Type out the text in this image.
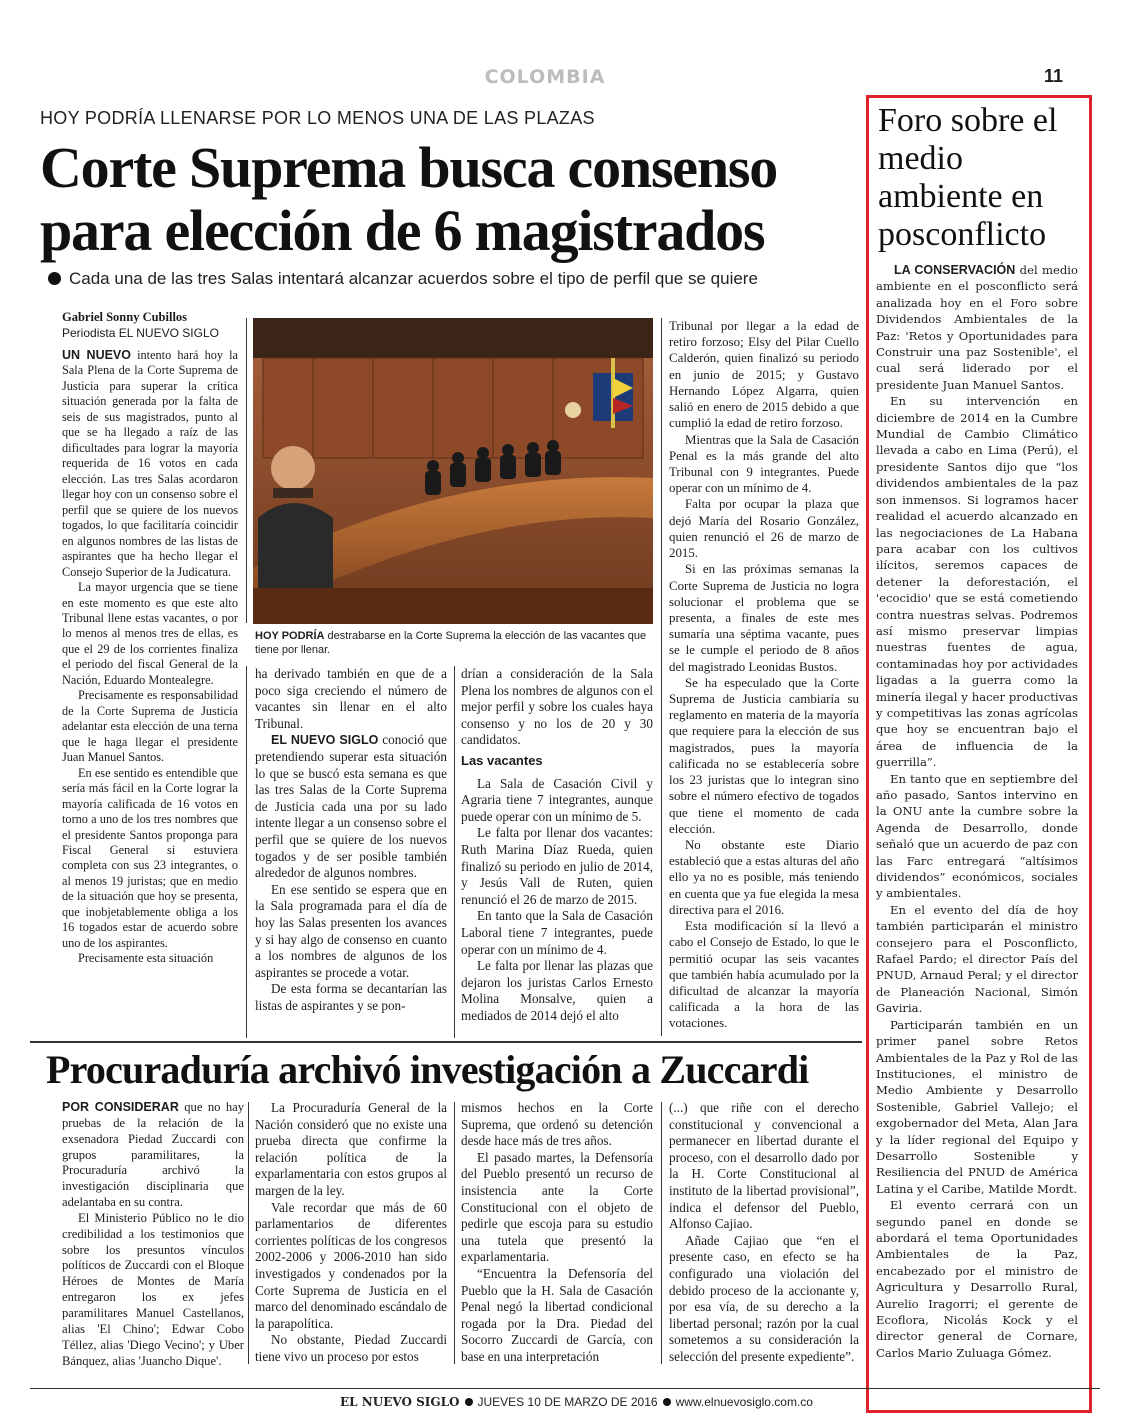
COLOMBIA	11
HOY PODRÍA LLENARSE POR LO MENOS UNA DE LAS PLAZAS
Corte Suprema busca consenso para elección de 6 magistrados
Cada una de las tres Salas intentará alcanzar acuerdos sobre el tipo de perfil que se quiere
Gabriel Sonny Cubillos
Periodista EL NUEVO SIGLO

UN NUEVO intento hará hoy la Sala Plena de la Corte Suprema de Justicia para superar la crítica situación generada por la falta de seis de sus magistrados, punto al que se ha llegado a raíz de las dificultades para lograr la mayoría requerida de 16 votos en cada elección. Las tres Salas acordaron llegar hoy con un consenso sobre el perfil que se quiere de los nuevos togados, lo que facilitaría coincidir en algunos nombres de las listas de aspirantes que ha hecho llegar el Consejo Superior de la Judicatura.

La mayor urgencia que se tiene en este momento es que este alto Tribunal llene estas vacantes, o por lo menos al menos tres de ellas, es que el 29 de los corrientes finaliza el periodo del fiscal General de la Nación, Eduardo Montealegre.

Precisamente es responsabilidad de la Corte Suprema de Justicia adelantar esta elección de una terna que le haga llegar el presidente Juan Manuel Santos.

En ese sentido es entendible que sería más fácil en la Corte lograr la mayoría calificada de 16 votos en torno a uno de los tres nombres que el presidente Santos proponga para Fiscal General si estuviera completa con sus 23 integrantes, o al menos 19 juristas; que en medio de la situación que hoy se presenta, que inobjetablemente obliga a los 16 togados estar de acuerdo sobre uno de los aspirantes.

Precisamente esta situación

ha derivado también en que de a poco siga creciendo el número de vacantes sin llenar en el alto Tribunal.

EL NUEVO SIGLO conoció que pretendiendo superar esta situación lo que se buscó esta semana es que las tres Salas de la Corte Suprema de Justicia cada una por su lado intente llegar a un consenso sobre el perfil que se quiere de los nuevos togados y de ser posible también alrededor de algunos nombres.

En ese sentido se espera que en la Sala programada para el día de hoy las Salas presenten los avances y si hay algo de consenso en cuanto a los nombres de algunos de los aspirantes se procede a votar.

De esta forma se decantarían las listas de aspirantes y se pon-

drían a consideración de la Sala Plena los nombres de algunos con el mejor perfil y sobre los cuales haya consenso y no los de 20 y 30 candidatos.

Las vacantes

La Sala de Casación Civil y Agraria tiene 7 integrantes, aunque puede operar con un mínimo de 5.

Le falta por llenar dos vacantes: Ruth Marina Díaz Rueda, quien finalizó su periodo en julio de 2014, y Jesús Vall de Ruten, quien renunció el 26 de marzo de 2015.

En tanto que la Sala de Casación Laboral tiene 7 integrantes, puede operar con un mínimo de 4.

Le falta por llenar las plazas que dejaron los juristas Carlos Ernesto Molina Monsalve, quien a mediados de 2014 dejó el alto

Tribunal por llegar a la edad de retiro forzoso; Elsy del Pilar Cuello Calderón, quien finalizó su periodo en junio de 2015; y Gustavo Hernando López Algarra, quien salió en enero de 2015 debido a que cumplió la edad de retiro forzoso.

Mientras que la Sala de Casación Penal es la más grande del alto Tribunal con 9 integrantes. Puede operar con un mínimo de 4.

Falta por ocupar la plaza que dejó María del Rosario González, quien renunció el 26 de marzo de 2015.

Si en las próximas semanas la Corte Suprema de Justicia no logra solucionar el problema que se presenta, a finales de este mes sumaría una séptima vacante, pues se le cumple el periodo de 8 años del magistrado Leonidas Bustos.

Se ha especulado que la Corte Suprema de Justicia cambiaría su reglamento en materia de la mayoría que requiere para la elección de sus magistrados, pues la mayoría calificada no se establecería sobre los 23 juristas que lo integran sino sobre el número efectivo de togados que tiene el momento de cada elección.

No obstante este Diario estableció que a estas alturas del año ello ya no es posible, más teniendo en cuenta que ya fue elegida la mesa directiva para el 2016.

Esta modificación sí la llevó a cabo el Consejo de Estado, lo que le permitió ocupar las seis vacantes que también había acumulado por la dificultad de alcanzar la mayoría calificada a la hora de las votaciones.

HOY PODRÍA destrabarse en la Corte Suprema la elección de las vacantes que tiene por llenar.
Procuraduría archivó investigación a Zuccardi

POR CONSIDERAR que no hay pruebas de la relación de la exsenadora Piedad Zuccardi con grupos paramilitares, la Procuraduría archivó la investigación disciplinaria que adelantaba en su contra.

El Ministerio Público no le dio credibilidad a los testimonios que sobre los presuntos vínculos políticos de Zuccardi con el Bloque Héroes de Montes de María entregaron los ex jefes paramilitares Manuel Castellanos, alias 'El Chino'; Edwar Cobo Téllez, alias 'Diego Vecino'; y Uber Bánquez, alias 'Juancho Dique'.

La Procuraduría General de la Nación consideró que no existe una prueba directa que confirme la relación política de la exparlamentaria con estos grupos al margen de la ley.

Vale recordar que más de 60 parlamentarios de diferentes corrientes políticas de los congresos 2002-2006 y 2006-2010 han sido investigados y condenados por la Corte Suprema de Justicia en el marco del denominado escándalo de la parapolítica.

No obstante, Piedad Zuccardi tiene vivo un proceso por estos

mismos hechos en la Corte Suprema, que ordenó su detención desde hace más de tres años.

El pasado martes, la Defensoría del Pueblo presentó un recurso de insistencia ante la Corte Constitucional con el objeto de pedirle que escoja para su estudio una tutela que presentó la exparlamentaria.

“Encuentra la Defensoría del Pueblo que la H. Sala de Casación Penal negó la libertad condicional rogada por la Dra. Piedad del Socorro Zuccardi de García, con base en una interpretación

(...) que riñe con el derecho constitucional y convencional a permanecer en libertad durante el proceso, con el desarrollo dado por la H. Corte Constitucional al instituto de la libertad provisional”, indica el defensor del Pueblo, Alfonso Cajiao.

Añade Cajiao que “en el presente caso, en efecto se ha configurado una violación del debido proceso de la accionante y, por esa vía, de su derecho a la libertad personal; razón por la cual sometemos a su consideración la selección del presente expediente”.

Foro sobre el medio ambiente en posconflicto

LA CONSERVACIÓN del medio ambiente en el posconflicto será analizada hoy en el Foro sobre Dividendos Ambientales de la Paz: 'Retos y Oportunidades para Construir una paz Sostenible', el cual será liderado por el presidente Juan Manuel Santos.

En su intervención en diciembre de 2014 en la Cumbre Mundial de Cambio Climático llevada a cabo en Lima (Perú), el presidente Santos dijo que “los dividendos ambientales de la paz son inmensos. Si logramos hacer realidad el acuerdo alcanzado en las negociaciones de La Habana para acabar con los cultivos ilícitos, seremos capaces de detener la deforestación, el 'ecocidio' que se está cometiendo contra nuestras selvas. Podremos así mismo preservar limpias nuestras fuentes de agua, contaminadas hoy por actividades ligadas a la guerra como la minería ilegal y hacer productivas y competitivas las zonas agrícolas que hoy se encuentran bajo el área de influencia de la guerrilla”.

En tanto que en septiembre del año pasado, Santos intervino en la ONU ante la cumbre sobre la Agenda de Desarrollo, donde señaló que un acuerdo de paz con las Farc entregará “altísimos dividendos” económicos, sociales y ambientales.

En el evento del día de hoy también participarán el ministro consejero para el Posconflicto, Rafael Pardo; el director País del PNUD, Arnaud Peral; y el director de Planeación Nacional, Simón Gaviria.

Participarán también en un primer panel sobre Retos Ambientales de la Paz y Rol de las Instituciones, el ministro de Medio Ambiente y Desarrollo Sostenible, Gabriel Vallejo; el exgobernador del Meta, Alan Jara y la líder regional del Equipo y Desarrollo Sostenible y Resiliencia del PNUD de América Latina y el Caribe, Matilde Mordt.

El evento cerrará con un segundo panel en donde se abordará el tema Oportunidades Ambientales de la Paz, encabezado por el ministro de Agricultura y Desarrollo Rural, Aurelio Iragorri; el gerente de Ecoflora, Nicolás Kock y el director general de Cornare, Carlos Mario Zuluaga Gómez.

EL NUEVO SIGLO JUEVES 10 DE MARZO DE 2016 www.elnuevosiglo.com.co
